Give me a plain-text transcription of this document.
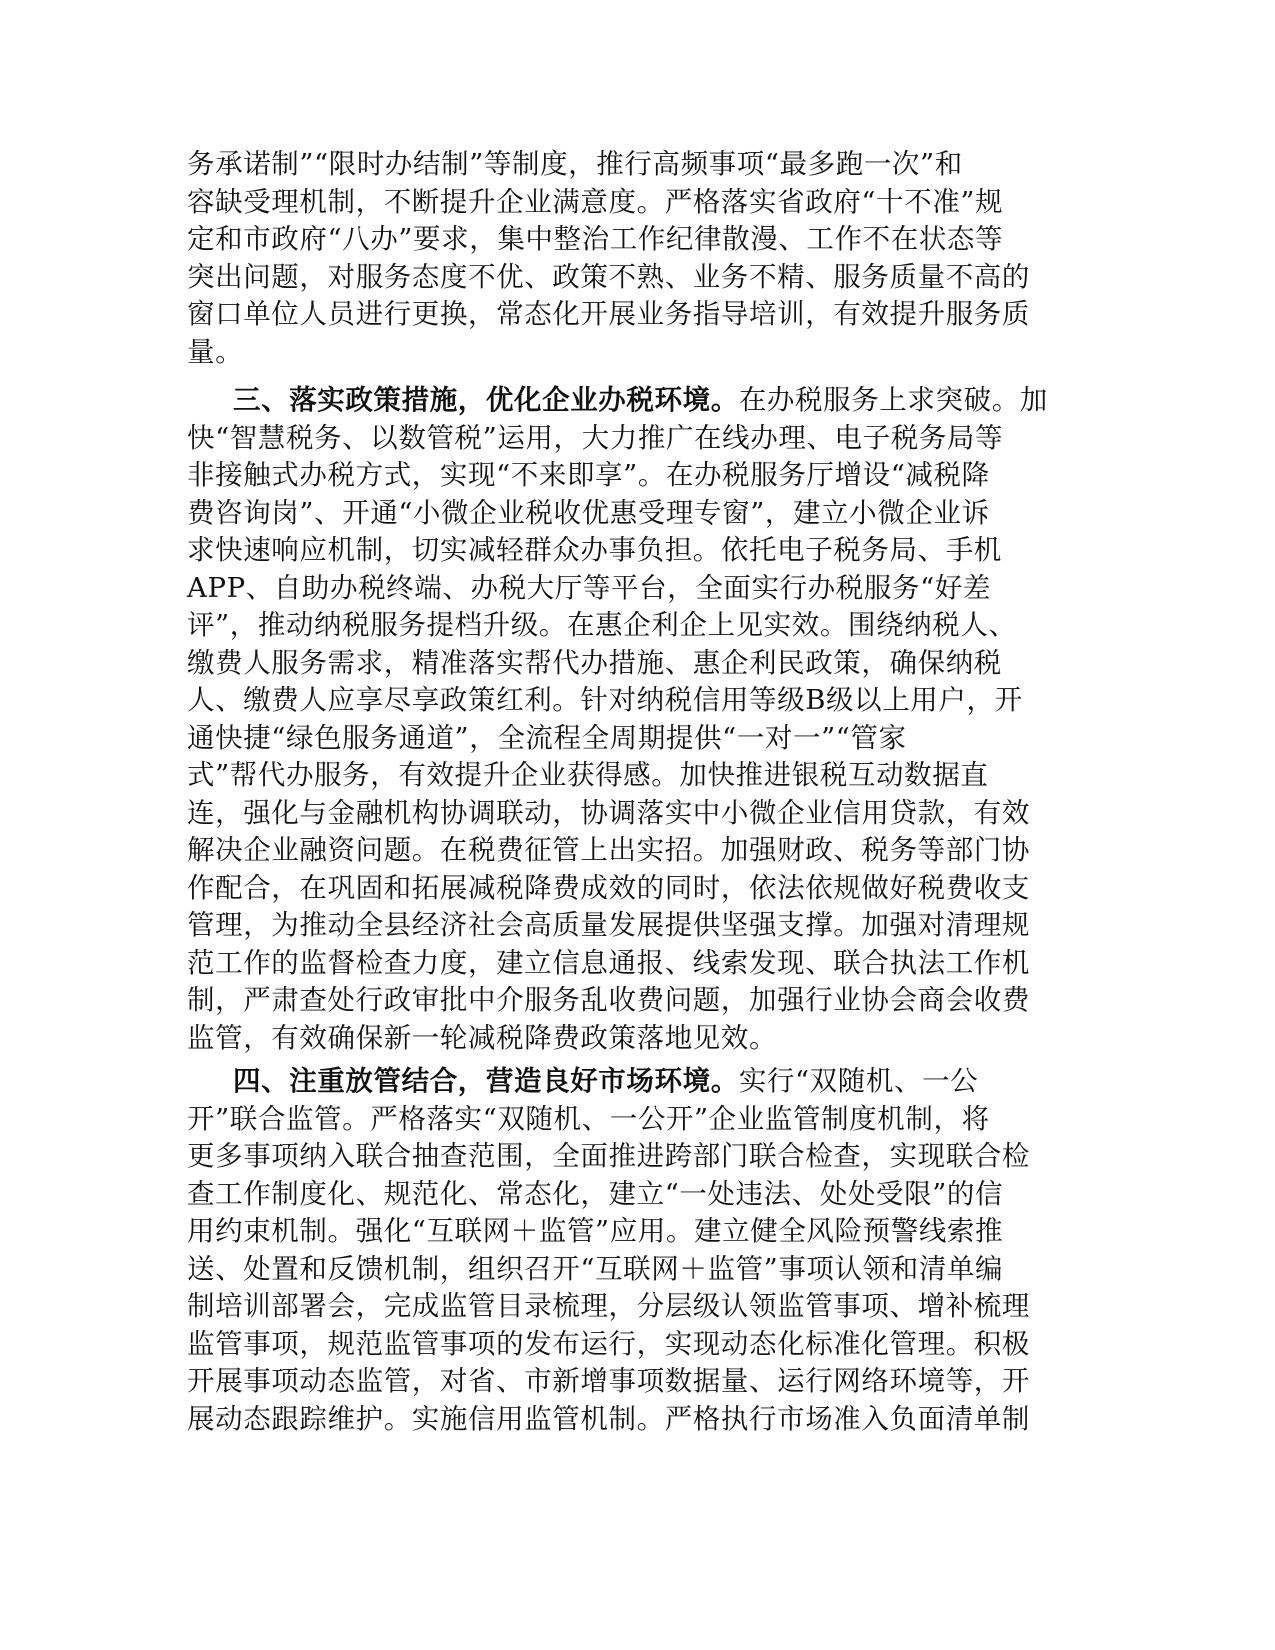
务承诺制”“限时办结制”等制度，推行高频事项“最多跑一次”和
容缺受理机制，不断提升企业满意度。严格落实省政府“十不准”规
定和市政府“八办”要求，集中整治工作纪律散漫、工作不在状态等
突出问题，对服务态度不优、政策不熟、业务不精、服务质量不高的
窗口单位人员进行更换，常态化开展业务指导培训，有效提升服务质
量。
三、落实政策措施，优化企业办税环境。在办税服务上求突破。加
快“智慧税务、以数管税”运用，大力推广在线办理、电子税务局等
非接触式办税方式，实现“不来即享”。在办税服务厅增设“减税降
费咨询岗”、开通“小微企业税收优惠受理专窗”，建立小微企业诉
求快速响应机制，切实减轻群众办事负担。依托电子税务局、手机
APP、自助办税终端、办税大厅等平台，全面实行办税服务“好差
评”，推动纳税服务提档升级。在惠企利企上见实效。围绕纳税人、
缴费人服务需求，精准落实帮代办措施、惠企利民政策，确保纳税
人、缴费人应享尽享政策红利。针对纳税信用等级B级以上用户，开
通快捷“绿色服务通道”，全流程全周期提供“一对一”“管家
式”帮代办服务，有效提升企业获得感。加快推进银税互动数据直
连，强化与金融机构协调联动，协调落实中小微企业信用贷款，有效
解决企业融资问题。在税费征管上出实招。加强财政、税务等部门协
作配合，在巩固和拓展减税降费成效的同时，依法依规做好税费收支
管理，为推动全县经济社会高质量发展提供坚强支撑。加强对清理规
范工作的监督检查力度，建立信息通报、线索发现、联合执法工作机
制，严肃查处行政审批中介服务乱收费问题，加强行业协会商会收费
监管，有效确保新一轮减税降费政策落地见效。
四、注重放管结合，营造良好市场环境。实行“双随机、一公
开”联合监管。严格落实“双随机、一公开”企业监管制度机制，将
更多事项纳入联合抽查范围，全面推进跨部门联合检查，实现联合检
查工作制度化、规范化、常态化，建立“一处违法、处处受限”的信
用约束机制。强化“互联网＋监管”应用。建立健全风险预警线索推
送、处置和反馈机制，组织召开“互联网＋监管”事项认领和清单编
制培训部署会，完成监管目录梳理，分层级认领监管事项、增补梳理
监管事项，规范监管事项的发布运行，实现动态化标准化管理。积极
开展事项动态监管，对省、市新增事项数据量、运行网络环境等，开
展动态跟踪维护。实施信用监管机制。严格执行市场准入负面清单制
